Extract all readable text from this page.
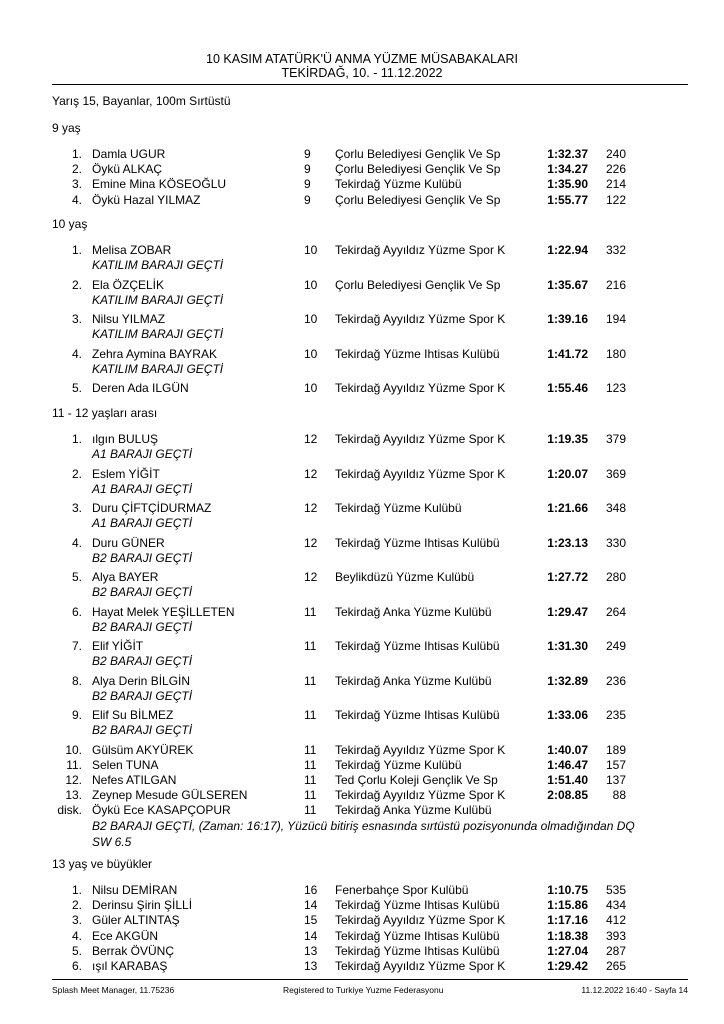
10 KASIM ATATÜRK'Ü ANMA YÜZME MÜSABAKALARI
TEKİRDAĞ, 10. - 11.12.2022
Yarış 15, Bayanlar, 100m Sırtüstü
9 yaş
1. Damla UGUR	9 Çorlu Belediyesi Gençlik Ve Sp	1:32.37	240
2. Öykü ALKAÇ	9 Çorlu Belediyesi Gençlik Ve Sp	1:34.27	226
3. Emine Mina KÖSEOĞLU	9 Tekirdağ Yüzme Kulübü	1:35.90	214
4. Öykü Hazal YILMAZ	9 Çorlu Belediyesi Gençlik Ve Sp	1:55.77	122
10 yaş
1. Melisa ZOBAR	10 Tekirdağ Ayyıldız Yüzme Spor K	1:22.94	332
KATILIM BARAJI GEÇTİ
2. Ela ÖZÇELİK	10 Çorlu Belediyesi Gençlik Ve Sp	1:35.67	216
KATILIM BARAJI GEÇTİ
3. Nilsu YILMAZ	10 Tekirdağ Ayyıldız Yüzme Spor K	1:39.16	194
KATILIM BARAJI GEÇTİ
4. Zehra Aymina BAYRAK	10 Tekirdağ Yüzme Ihtisas Kulübü	1:41.72	180
KATILIM BARAJI GEÇTİ
5. Deren Ada ILGÜN	10 Tekirdağ Ayyıldız Yüzme Spor K	1:55.46	123
11 - 12 yaşları arası
1. ılgın BULUŞ	12 Tekirdağ Ayyıldız Yüzme Spor K	1:19.35	379
A1 BARAJI GEÇTİ
2. Eslem YİĞİT	12 Tekirdağ Ayyıldız Yüzme Spor K	1:20.07	369
A1 BARAJI GEÇTİ
3. Duru ÇİFTÇİDURMAZ	12 Tekirdağ Yüzme Kulübü	1:21.66	348
A1 BARAJI GEÇTİ
4. Duru GÜNER	12 Tekirdağ Yüzme Ihtisas Kulübü	1:23.13	330
B2 BARAJI GEÇTİ
5. Alya BAYER	12 Beylikdüzü Yüzme Kulübü	1:27.72	280
B2 BARAJI GEÇTİ
6. Hayat Melek YEŞİLLETEN	11 Tekirdağ Anka Yüzme Kulübü	1:29.47	264
B2 BARAJI GEÇTİ
7. Elif YİĞİT	11 Tekirdağ Yüzme Ihtisas Kulübü	1:31.30	249
B2 BARAJI GEÇTİ
8. Alya Derin BİLGİN	11 Tekirdağ Anka Yüzme Kulübü	1:32.89	236
B2 BARAJI GEÇTİ
9. Elif Su BİLMEZ	11 Tekirdağ Yüzme Ihtisas Kulübü	1:33.06	235
B2 BARAJI GEÇTİ
10. Gülsüm AKYÜREK	11 Tekirdağ Ayyıldız Yüzme Spor K	1:40.07	189
11. Selen TUNA	11 Tekirdağ Yüzme Kulübü	1:46.47	157
12. Nefes ATILGAN	11 Ted Çorlu Koleji Gençlik Ve Sp	1:51.40	137
13. Zeynep Mesude GÜLSEREN	11 Tekirdağ Ayyıldız Yüzme Spor K	2:08.85	88
disk. Öykü Ece KASAPÇOPUR	11 Tekirdağ Anka Yüzme Kulübü
B2 BARAJI GEÇTİ, (Zaman: 16:17), Yüzücü bitiriş esnasında sırtüstü pozisyonunda olmadığından DQ SW 6.5
13 yaş ve büyükler
1. Nilsu DEMİRAN	16 Fenerbahçe Spor Kulübü	1:10.75	535
2. Derinsu Şirin ŞİLLİ	14 Tekirdağ Yüzme Ihtisas Kulübü	1:15.86	434
3. Güler ALTINTAŞ	15 Tekirdağ Ayyıldız Yüzme Spor K	1:17.16	412
4. Ece AKGÜN	14 Tekirdağ Yüzme Ihtisas Kulübü	1:18.38	393
5. Berrak ÖVÜNÇ	13 Tekirdağ Yüzme Ihtisas Kulübü	1:27.04	287
6. ışıl KARABAŞ	13 Tekirdağ Ayyıldız Yüzme Spor K	1:29.42	265
Splash Meet Manager, 11.75236	Registered to Turkiye Yuzme Federasyonu	11.12.2022 16:40 - Sayfa 14
